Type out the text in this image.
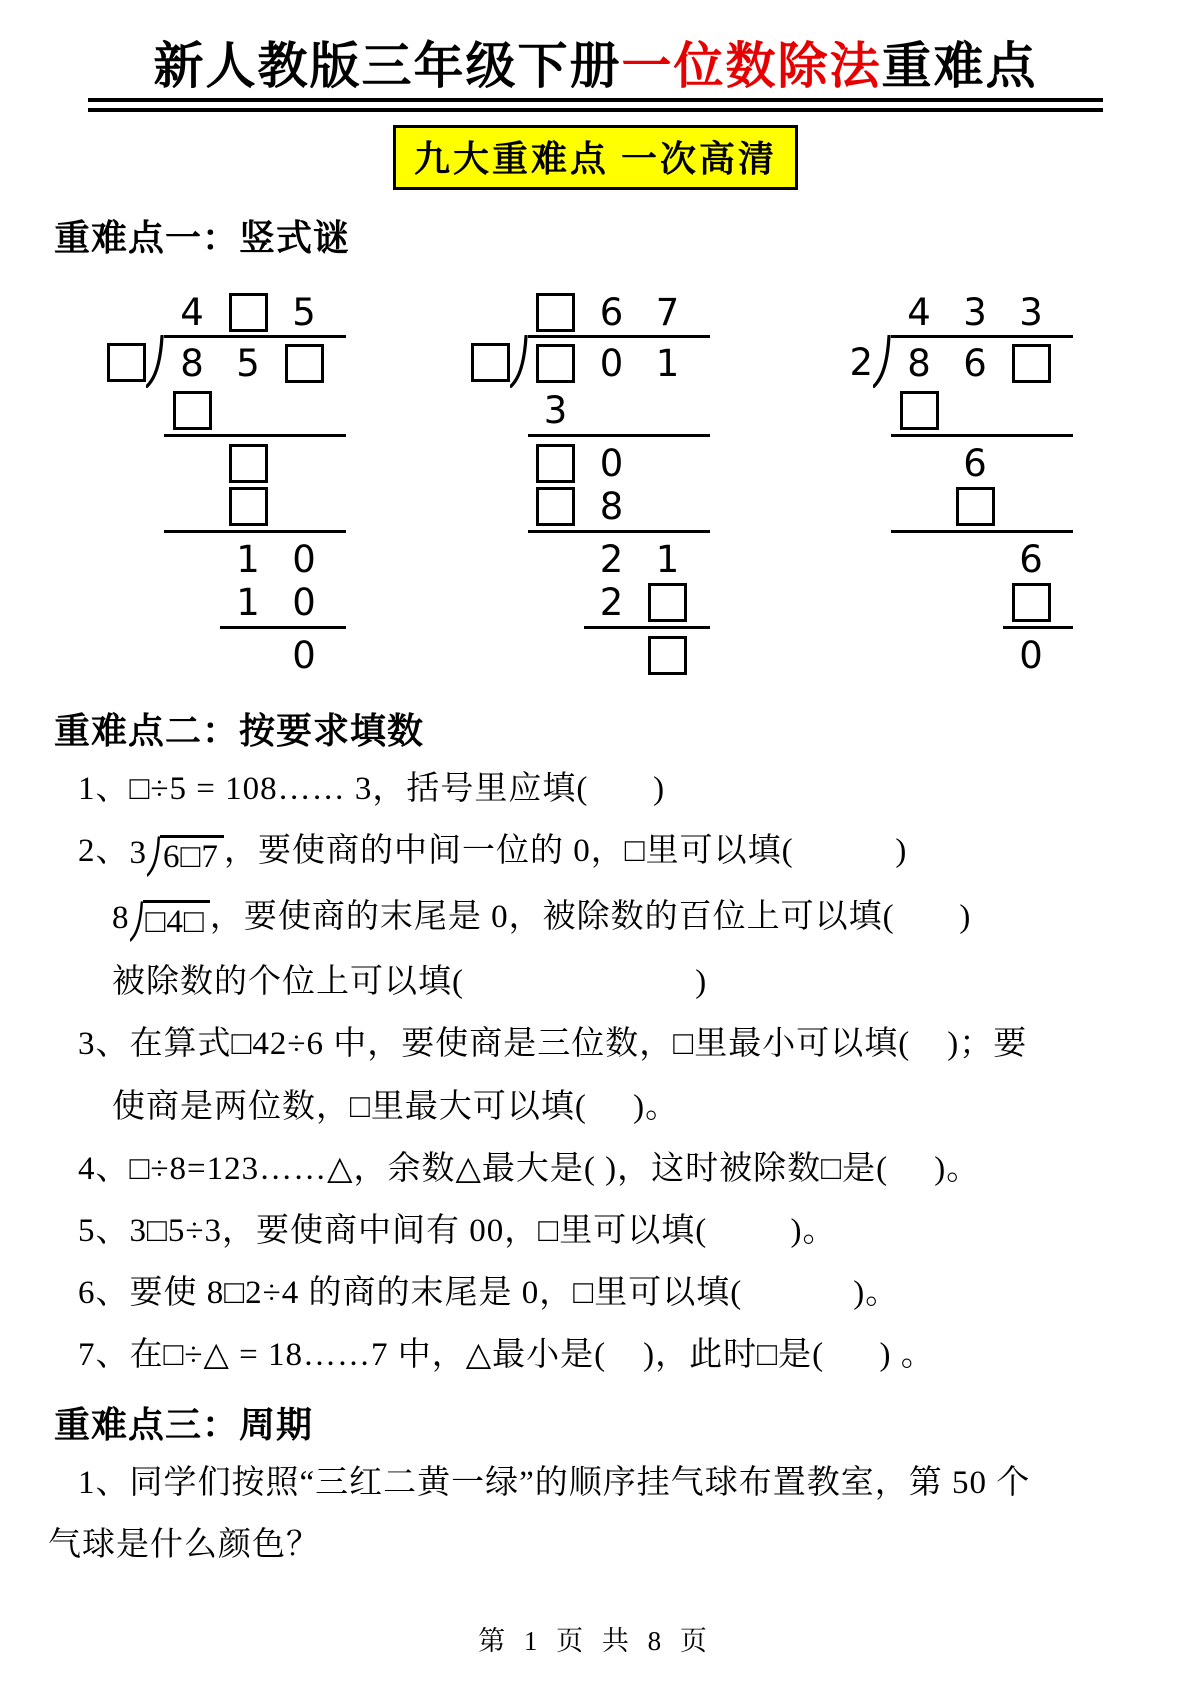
新人教版三年级下册一位数除法重难点
九大重难点 一次高清
重难点一：竖式谜
4	5
8 5
1 0
1 0
0
6 7
0 1
3
0
8
2 1
2
4 3 3
2 8 6
6
6
0
重难点二：按要求填数
1、□÷5 = 108…… 3，括号里应填(       )
2、 3 6□7 ，要使商的中间一位的 0，□里可以填(           )
8 □4□ ，要使商的末尾是 0，被除数的百位上可以填(       )
被除数的个位上可以填(                         )
3、在算式□42÷6 中，要使商是三位数，□里最小可以填(    )；要
使商是两位数，□里最大可以填(     )。
4、□÷8=123……△，余数△最大是( )，这时被除数□是(     )。
5、3□5÷3，要使商中间有 00，□里可以填(         )。
6、要使 8□2÷4 的商的末尾是 0，□里可以填(            )。
7、在□÷△ = 18……7 中，△最小是(    )，此时□是(      ) 。
重难点三：周期
1、同学们按照“三红二黄一绿”的顺序挂气球布置教室，第 50 个
气球是什么颜色？
第 1 页 共 8 页
